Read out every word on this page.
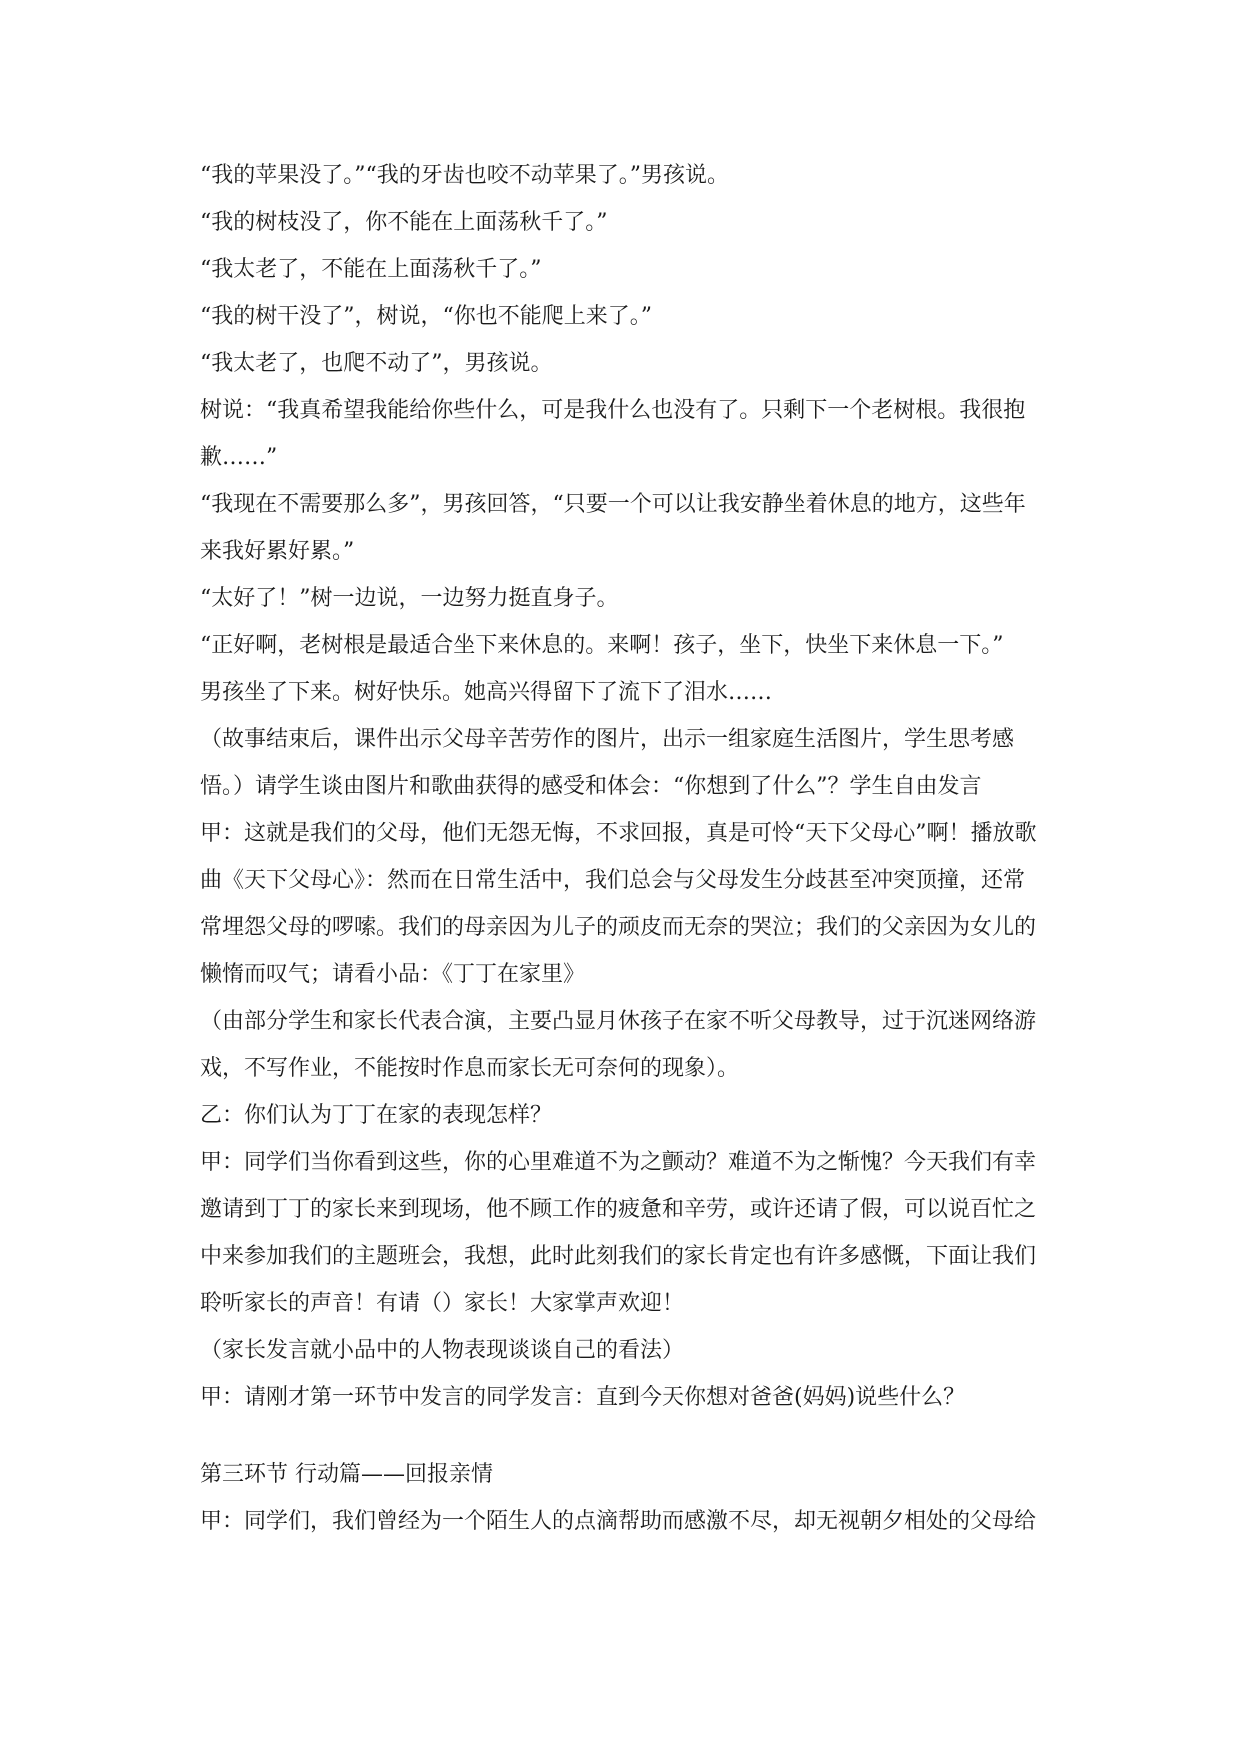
“我的苹果没了。”“我的牙齿也咬不动苹果了。”男孩说。

“我的树枝没了，你不能在上面荡秋千了。”

“我太老了，不能在上面荡秋千了。”

“我的树干没了”，树说，“你也不能爬上来了。”

“我太老了，也爬不动了”，男孩说。

树说：“我真希望我能给你些什么，可是我什么也没有了。只剩下一个老树根。我很抱歉……”

“我现在不需要那么多”，男孩回答，“只要一个可以让我安静坐着休息的地方，这些年来我好累好累。”

“太好了！”树一边说，一边努力挺直身子。

“正好啊，老树根是最适合坐下来休息的。来啊！孩子，坐下，快坐下来休息一下。”

男孩坐了下来。树好快乐。她高兴得留下了流下了泪水……

（故事结束后，课件出示父母辛苦劳作的图片，出示一组家庭生活图片，学生思考感悟。）请学生谈由图片和歌曲获得的感受和体会：“你想到了什么”？学生自由发言

甲：这就是我们的父母，他们无怨无悔，不求回报，真是可怜“天下父母心”啊！播放歌曲《天下父母心》：然而在日常生活中，我们总会与父母发生分歧甚至冲突顶撞，还常常埋怨父母的啰嗦。我们的母亲因为儿子的顽皮而无奈的哭泣；我们的父亲因为女儿的懒惰而叹气；请看小品：《丁丁在家里》

（由部分学生和家长代表合演，主要凸显月休孩子在家不听父母教导，过于沉迷网络游戏，不写作业，不能按时作息而家长无可奈何的现象）。

乙：你们认为丁丁在家的表现怎样？

甲：同学们当你看到这些，你的心里难道不为之颤动？难道不为之惭愧？今天我们有幸邀请到丁丁的家长来到现场，他不顾工作的疲惫和辛劳，或许还请了假，可以说百忙之中来参加我们的主题班会，我想，此时此刻我们的家长肯定也有许多感慨，下面让我们聆听家长的声音！有请（）家长！大家掌声欢迎！

（家长发言就小品中的人物表现谈谈自己的看法）

甲：请刚才第一环节中发言的同学发言：直到今天你想对爸爸(妈妈)说些什么？

第三环节 行动篇——回报亲情

甲：同学们，我们曾经为一个陌生人的点滴帮助而感激不尽，却无视朝夕相处的父母给
